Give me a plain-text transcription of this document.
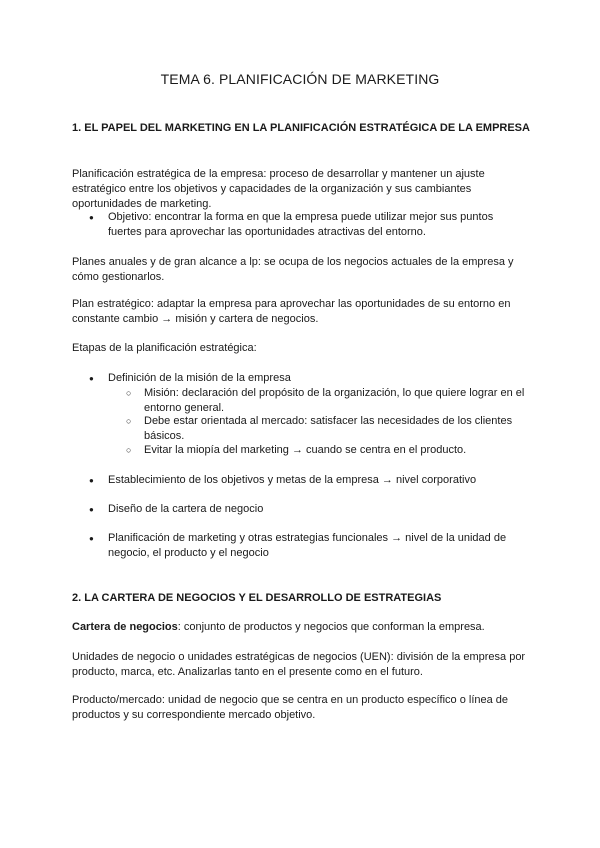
TEMA 6. PLANIFICACIÓN DE MARKETING
1. EL PAPEL DEL MARKETING EN LA PLANIFICACIÓN ESTRATÉGICA DE LA EMPRESA

Planificación estratégica de la empresa: proceso de desarrollar y mantener un ajuste estratégico entre los objetivos y capacidades de la organización y sus cambiantes oportunidades de marketing.

● Objetivo: encontrar la forma en que la empresa puede utilizar mejor sus puntos fuertes para aprovechar las oportunidades atractivas del entorno.

Planes anuales y de gran alcance a lp: se ocupa de los negocios actuales de la empresa y cómo gestionarlos.

Plan estratégico: adaptar la empresa para aprovechar las oportunidades de su entorno en constante cambio → misión y cartera de negocios.

Etapas de la planificación estratégica:

● Definición de la misión de la empresa

○ Misión: declaración del propósito de la organización, lo que quiere lograr en el entorno general.

○ Debe estar orientada al mercado: satisfacer las necesidades de los clientes básicos.

○ Evitar la miopía del marketing → cuando se centra en el producto.

● Establecimiento de los objetivos y metas de la empresa → nivel corporativo

● Diseño de la cartera de negocio

● Planificación de marketing y otras estrategias funcionales → nivel de la unidad de negocio, el producto y el negocio

2. LA CARTERA DE NEGOCIOS Y EL DESARROLLO DE ESTRATEGIAS

Cartera de negocios: conjunto de productos y negocios que conforman la empresa.

Unidades de negocio o unidades estratégicas de negocios (UEN): división de la empresa por producto, marca, etc. Analizarlas tanto en el presente como en el futuro.

Producto/mercado: unidad de negocio que se centra en un producto específico o línea de productos y su correspondiente mercado objetivo.
